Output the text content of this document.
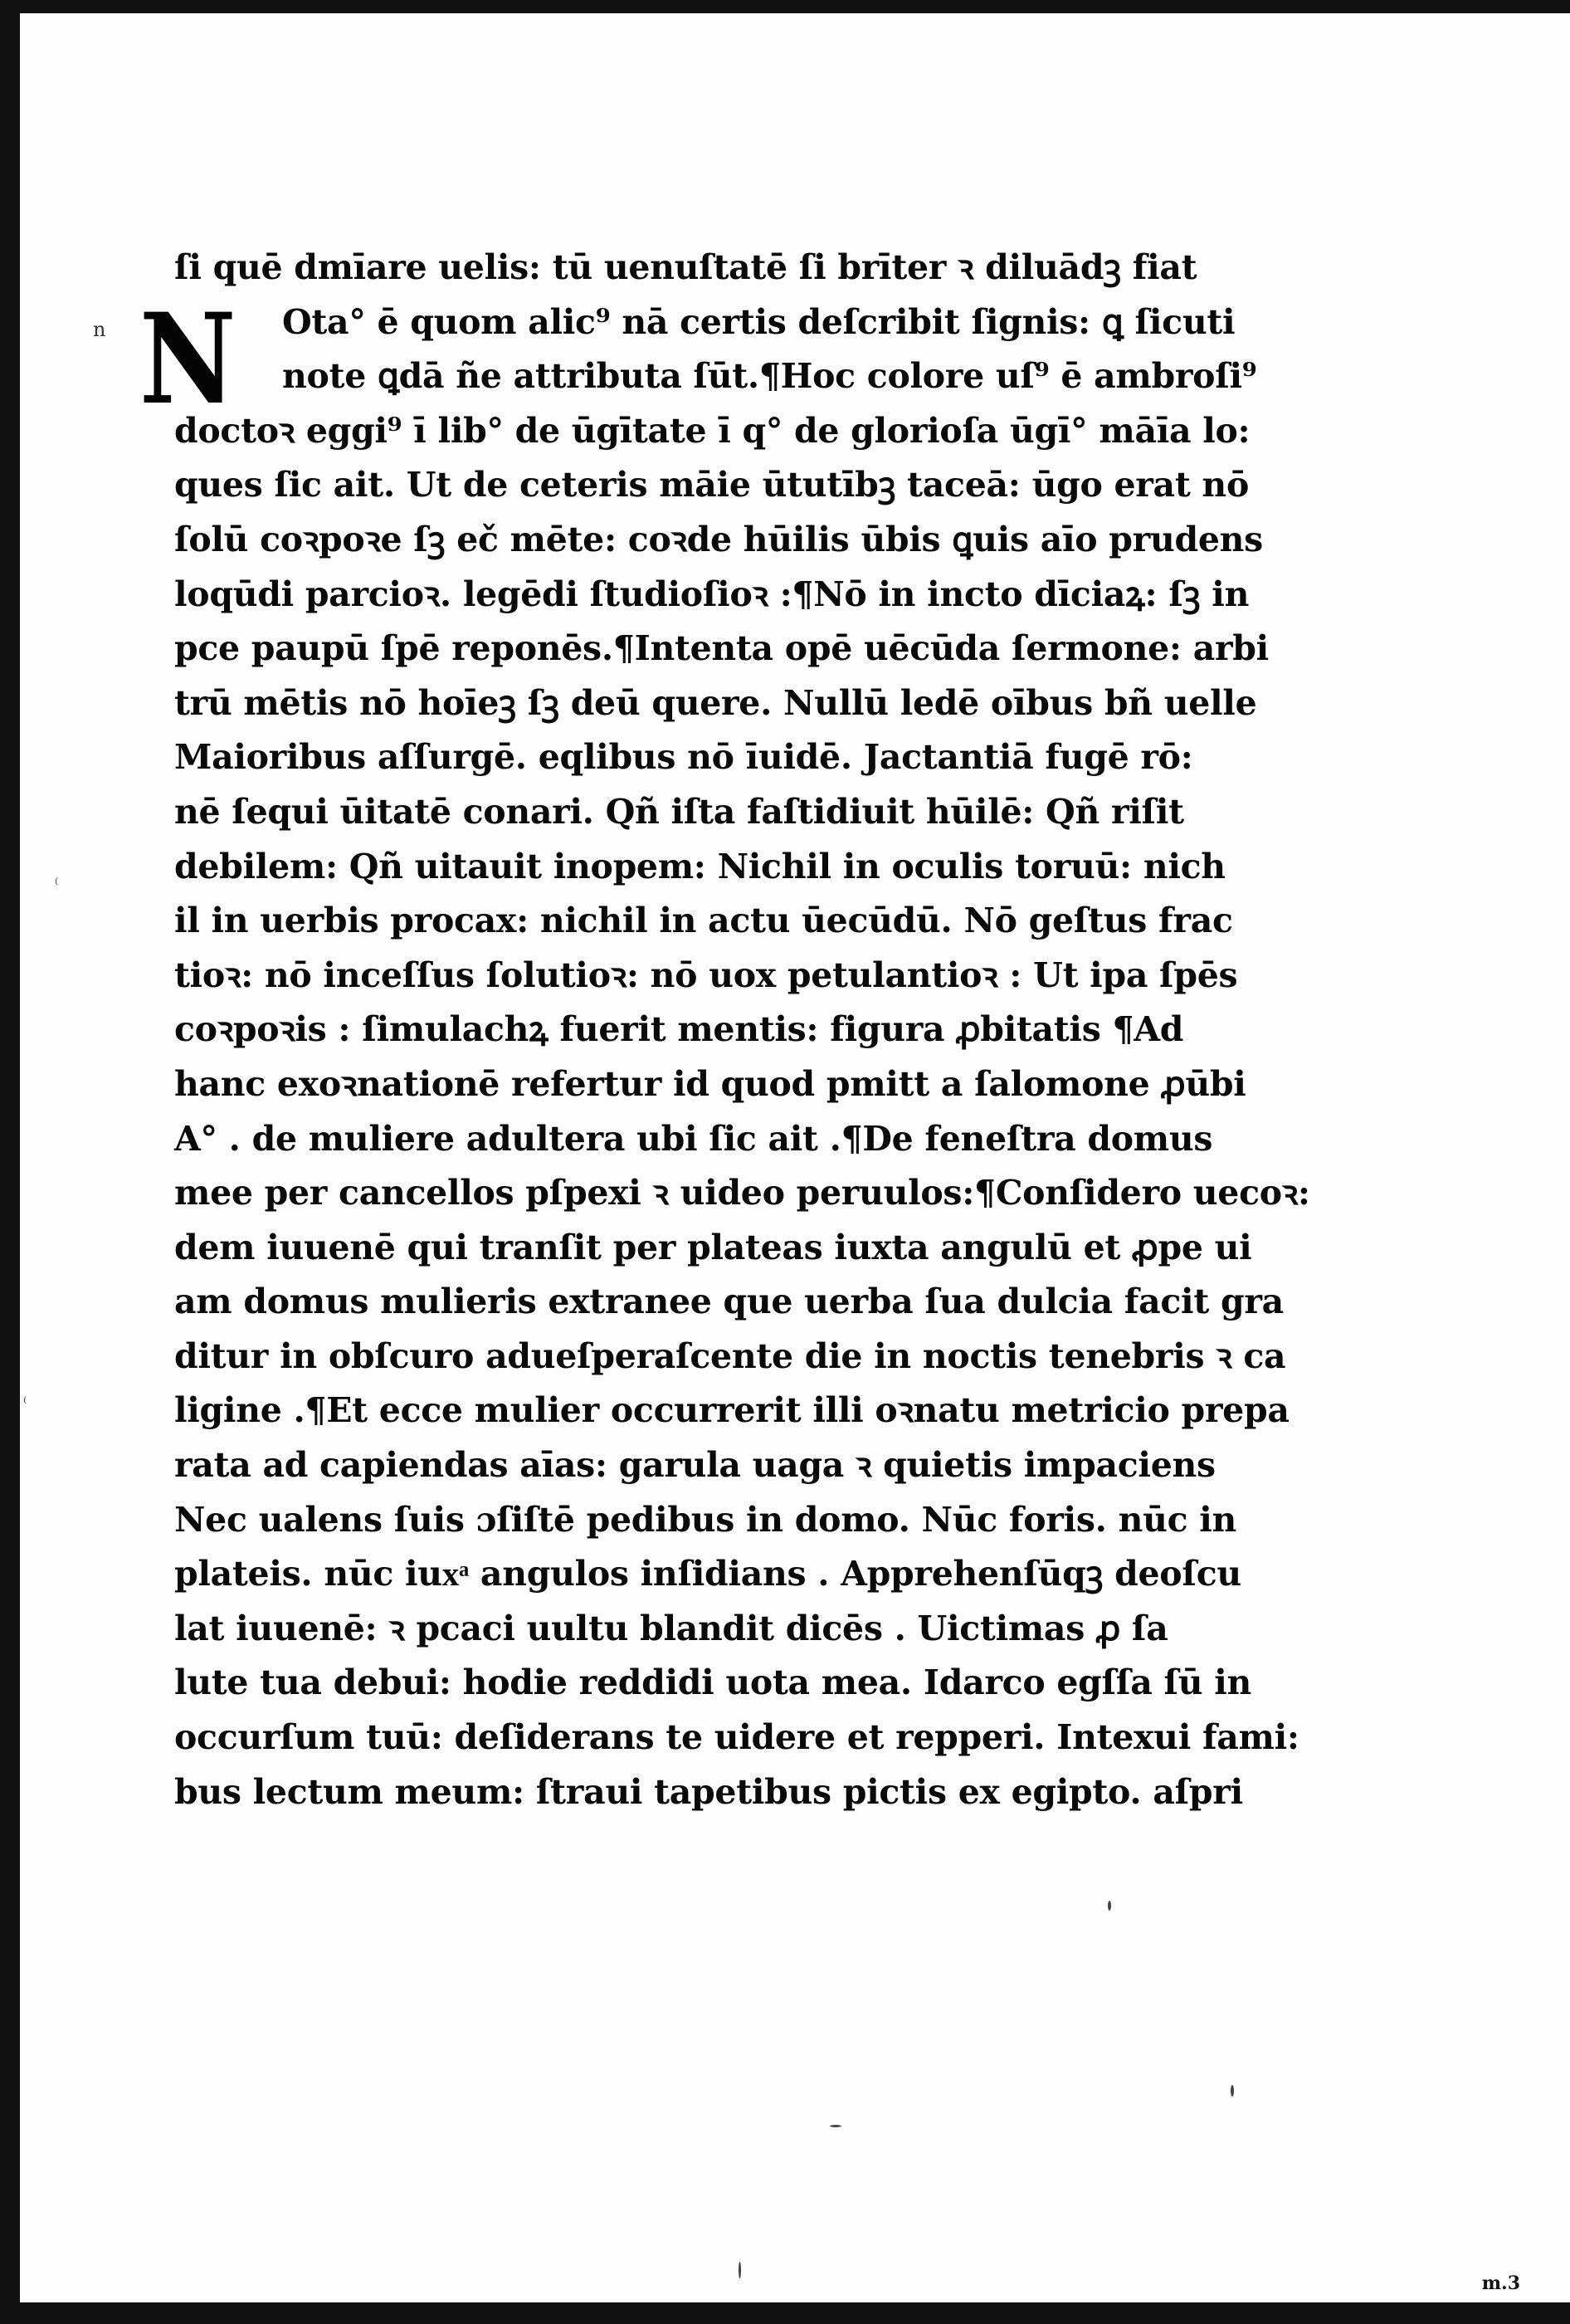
n N
⁽
⁽
ſi quē dmīare uelis: tū uenuſtatē ſi brīter ꝛ diluādꝫ fiat
Ota° ē quom alic⁹ nā certis deſcribit ſignis: ꝗ ſicuti
note ꝗdā ñe attributa ſūt.¶Hoc colore uſ⁹ ē ambroſi⁹
doctoꝛ eggi⁹ ī lib° de ūgītate ī q° de glorioſa ūgī° māīa lo:
ques ſic ait. Ut de ceteris māie ūtutībꝫ taceā: ūgo erat nō
ſolū coꝛpoꝛe ſꝫ eč mēte: coꝛde hūilis ūbis ꝗuis aīo prudens
loqūdi parcioꝛ. legēdi ſtudioſioꝛ :¶Nō in incto dīciaꝝ: ſꝫ in
pce paupū ſpē reponēs.¶Intenta opē uēcūda ſermone: arbi
trū mētis nō hoīeꝫ ſꝫ deū quere. Nullū ledē oībus bñ uelle
Maioribus aſſurgē. eqlibus nō īuidē. Jactantiā fugē rō:
nē ſequi ūitatē conari. Qñ iſta faſtidiuit hūilē: Qñ riſit
debilem: Qñ uitauit inopem: Nichil in oculis toruū: nich
il in uerbis procax: nichil in actu ūecūdū. Nō geſtus frac
tioꝛ: nō inceſſus ſolutioꝛ: nō uox petulantioꝛ : Ut ipa ſpēs
coꝛpoꝛis : ſimulachꝝ fuerit mentis: figura ꝓbitatis ¶Ad
hanc exoꝛnationē refertur id quod pmitt a ſalomone ꝓūbi
A° . de muliere adultera ubi ſic ait .¶De feneſtra domus
mee per cancellos pſpexi ꝛ uideo peruulos:¶Conſidero uecoꝛ:
dem iuuenē qui tranſit per plateas iuxta angulū et ꝓpe ui
am domus mulieris extranee que uerba ſua dulcia facit gra
ditur in obſcuro adueſperaſcente die in noctis tenebris ꝛ ca
ligine .¶Et ecce mulier occurrerit illi oꝛnatu metricio prepa
rata ad capiendas aīas: garula uaga ꝛ quietis impaciens
Nec ualens ſuis ɔſiſtē pedibus in domo. Nūc foris. nūc in
plateis. nūc iuxͣ angulos inſidians . Apprehenſūqꝫ deoſcu
lat iuuenē: ꝛ pcaci uultu blandit dicēs . Uictimas ꝓ ſa
lute tua debui: hodie reddidi uota mea. Idarco egſſa ſū in
occurſum tuū: deſiderans te uidere et repperi. Intexui fami:
bus lectum meum: ſtraui tapetibus pictis ex egipto. aſpri
m.3
